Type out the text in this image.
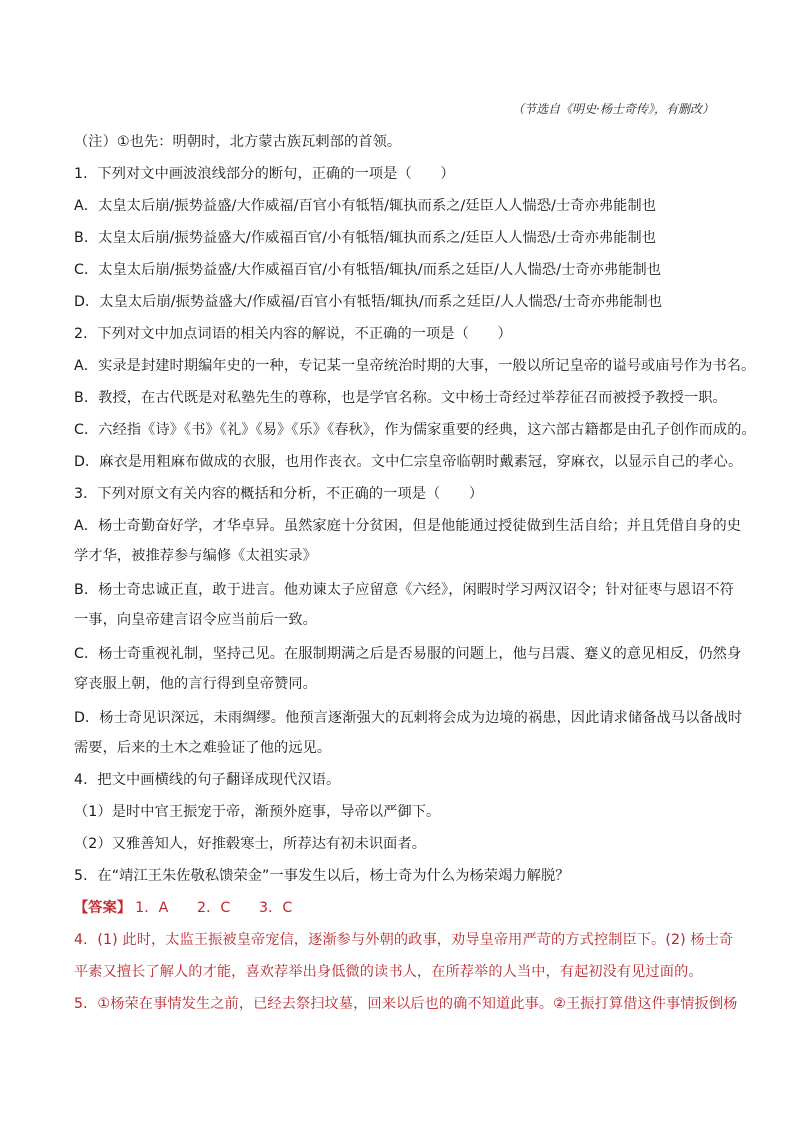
（节选自《明史·杨士奇传》，有删改）
（注）①也先：明朝时，北方蒙古族瓦剌部的首领。
1．下列对文中画波浪线部分的断句，正确的一项是（　　）
A．太皇太后崩/振势益盛/大作威福/百官小有牴牾/辄执而系之/廷臣人人惴恐/士奇亦弗能制也
B．太皇太后崩/振势益盛大/作威福百官/小有牴牾/辄执而系之/廷臣人人惴恐/士奇亦弗能制也
C．太皇太后崩/振势益盛/大作威福百官/小有牴牾/辄执/而系之廷臣/人人惴恐/士奇亦弗能制也
D．太皇太后崩/振势益盛大/作威福/百官小有牴牾/辄执/而系之廷臣/人人惴恐/士奇亦弗能制也
2．下列对文中加点词语的相关内容的解说，不正确的一项是（　　）
A．实录是封建时期编年史的一种，专记某一皇帝统治时期的大事，一般以所记皇帝的谥号或庙号作为书名。
B．教授，在古代既是对私塾先生的尊称，也是学官名称。文中杨士奇经过举荐征召而被授予教授一职。
C．六经指《诗》《书》《礼》《易》《乐》《春秋》，作为儒家重要的经典，这六部古籍都是由孔子创作而成的。
D．麻衣是用粗麻布做成的衣服，也用作丧衣。文中仁宗皇帝临朝时戴素冠，穿麻衣，以显示自己的孝心。
3．下列对原文有关内容的概括和分析，不正确的一项是（　　）
A．杨士奇勤奋好学，才华卓异。虽然家庭十分贫困，但是他能通过授徒做到生活自给；并且凭借自身的史
学才华，被推荐参与编修《太祖实录》
B．杨士奇忠诚正直，敢于进言。他劝谏太子应留意《六经》，闲暇时学习两汉诏令；针对征枣与恩诏不符
一事，向皇帝建言诏令应当前后一致。
C．杨士奇重视礼制，坚持己见。在服制期满之后是否易服的问题上，他与吕震、蹇义的意见相反，仍然身
穿丧服上朝，他的言行得到皇帝赞同。
D．杨士奇见识深远，未雨绸缪。他预言逐渐强大的瓦剌将会成为边境的祸患，因此请求储备战马以备战时
需要，后来的土木之难验证了他的远见。
4．把文中画横线的句子翻译成现代汉语。
（1）是时中官王振宠于帝，渐预外庭事，导帝以严御下。
（2）又雅善知人，好推毂寒士，所荐达有初未识面者。
5．在“靖江王朱佐敬私馈荣金”一事发生以后，杨士奇为什么为杨荣竭力解脱？
【答案】 1．A　　2．C　　3．C
4．(1) 此时，太监王振被皇帝宠信，逐渐参与外朝的政事，劝导皇帝用严苛的方式控制臣下。(2) 杨士奇
平素又擅长了解人的才能，喜欢荐举出身低微的读书人，在所荐举的人当中，有起初没有见过面的。
5．①杨荣在事情发生之前，已经去祭扫坟墓，回来以后也的确不知道此事。②王振打算借这件事情扳倒杨
